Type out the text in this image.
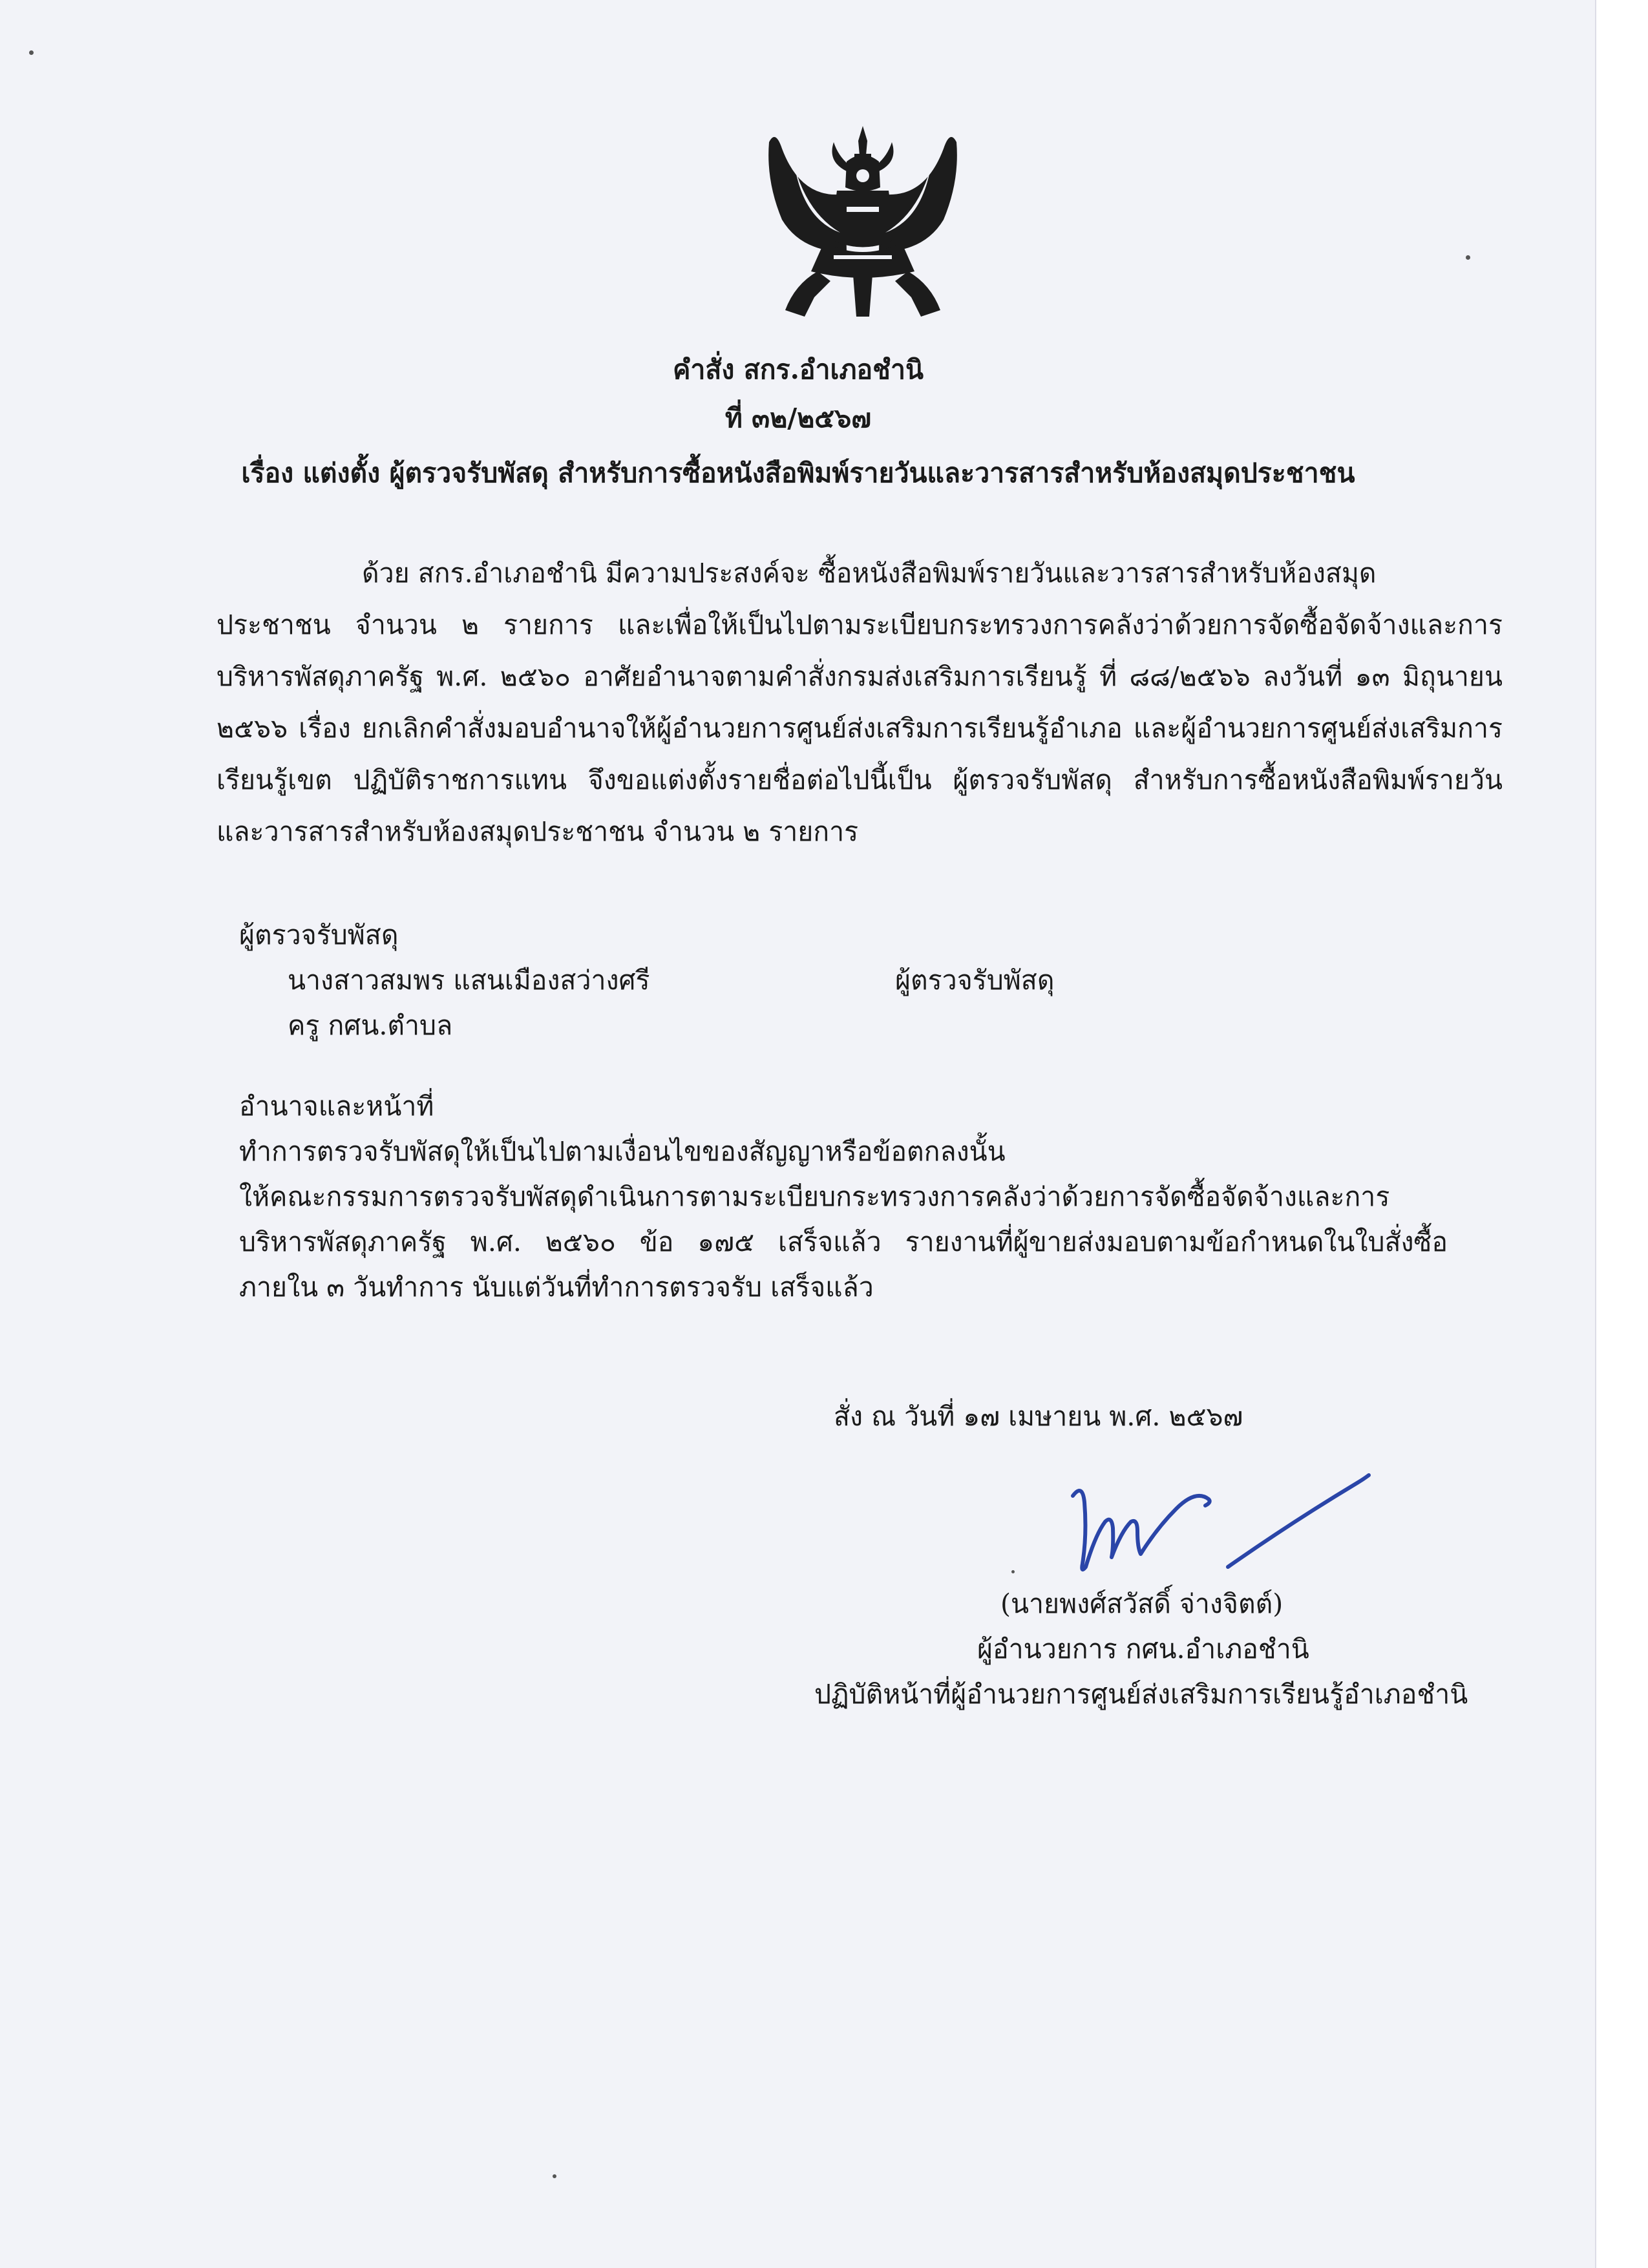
คำสั่ง สกร.อำเภอชำนิ
ที่ ๓๒/๒๕๖๗
เรื่อง แต่งตั้ง ผู้ตรวจรับพัสดุ สำหรับการซื้อหนังสือพิมพ์รายวันและวารสารสำหรับห้องสมุดประชาชน
ด้วย สกร.อำเภอชำนิ มีความประสงค์จะ ซื้อหนังสือพิมพ์รายวันและวารสารสำหรับห้องสมุด
ประชาชน จำนวน ๒ รายการ และเพื่อให้เป็นไปตามระเบียบกระทรวงการคลังว่าด้วยการจัดซื้อจัดจ้างและการ
บริหารพัสดุภาครัฐ พ.ศ. ๒๕๖๐ อาศัยอำนาจตามคำสั่งกรมส่งเสริมการเรียนรู้ ที่ ๘๘/๒๕๖๖ ลงวันที่ ๑๓ มิถุนายน
๒๕๖๖ เรื่อง ยกเลิกคำสั่งมอบอำนาจให้ผู้อำนวยการศูนย์ส่งเสริมการเรียนรู้อำเภอ และผู้อำนวยการศูนย์ส่งเสริมการ
เรียนรู้เขต ปฏิบัติราชการแทน จึงขอแต่งตั้งรายชื่อต่อไปนี้เป็น ผู้ตรวจรับพัสดุ สำหรับการซื้อหนังสือพิมพ์รายวัน
และวารสารสำหรับห้องสมุดประชาชน จำนวน ๒ รายการ
ผู้ตรวจรับพัสดุ
นางสาวสมพร แสนเมืองสว่างศรี	ผู้ตรวจรับพัสดุ
ครู กศน.ตำบล
อำนาจและหน้าที่
ทำการตรวจรับพัสดุให้เป็นไปตามเงื่อนไขของสัญญาหรือข้อตกลงนั้น
ให้คณะกรรมการตรวจรับพัสดุดำเนินการตามระเบียบกระทรวงการคลังว่าด้วยการจัดซื้อจัดจ้างและการ
บริหารพัสดุภาครัฐ พ.ศ. ๒๕๖๐ ข้อ ๑๗๕ เสร็จแล้ว รายงานที่ผู้ขายส่งมอบตามข้อกำหนดในใบสั่งซื้อ
ภายใน ๓ วันทำการ นับแต่วันที่ทำการตรวจรับ เสร็จแล้ว
สั่ง ณ วันที่ ๑๗ เมษายน พ.ศ. ๒๕๖๗
(นายพงศ์สวัสดิ์ จ่างจิตต์)
ผู้อำนวยการ กศน.อำเภอชำนิ
ปฏิบัติหน้าที่ผู้อำนวยการศูนย์ส่งเสริมการเรียนรู้อำเภอชำนิ
